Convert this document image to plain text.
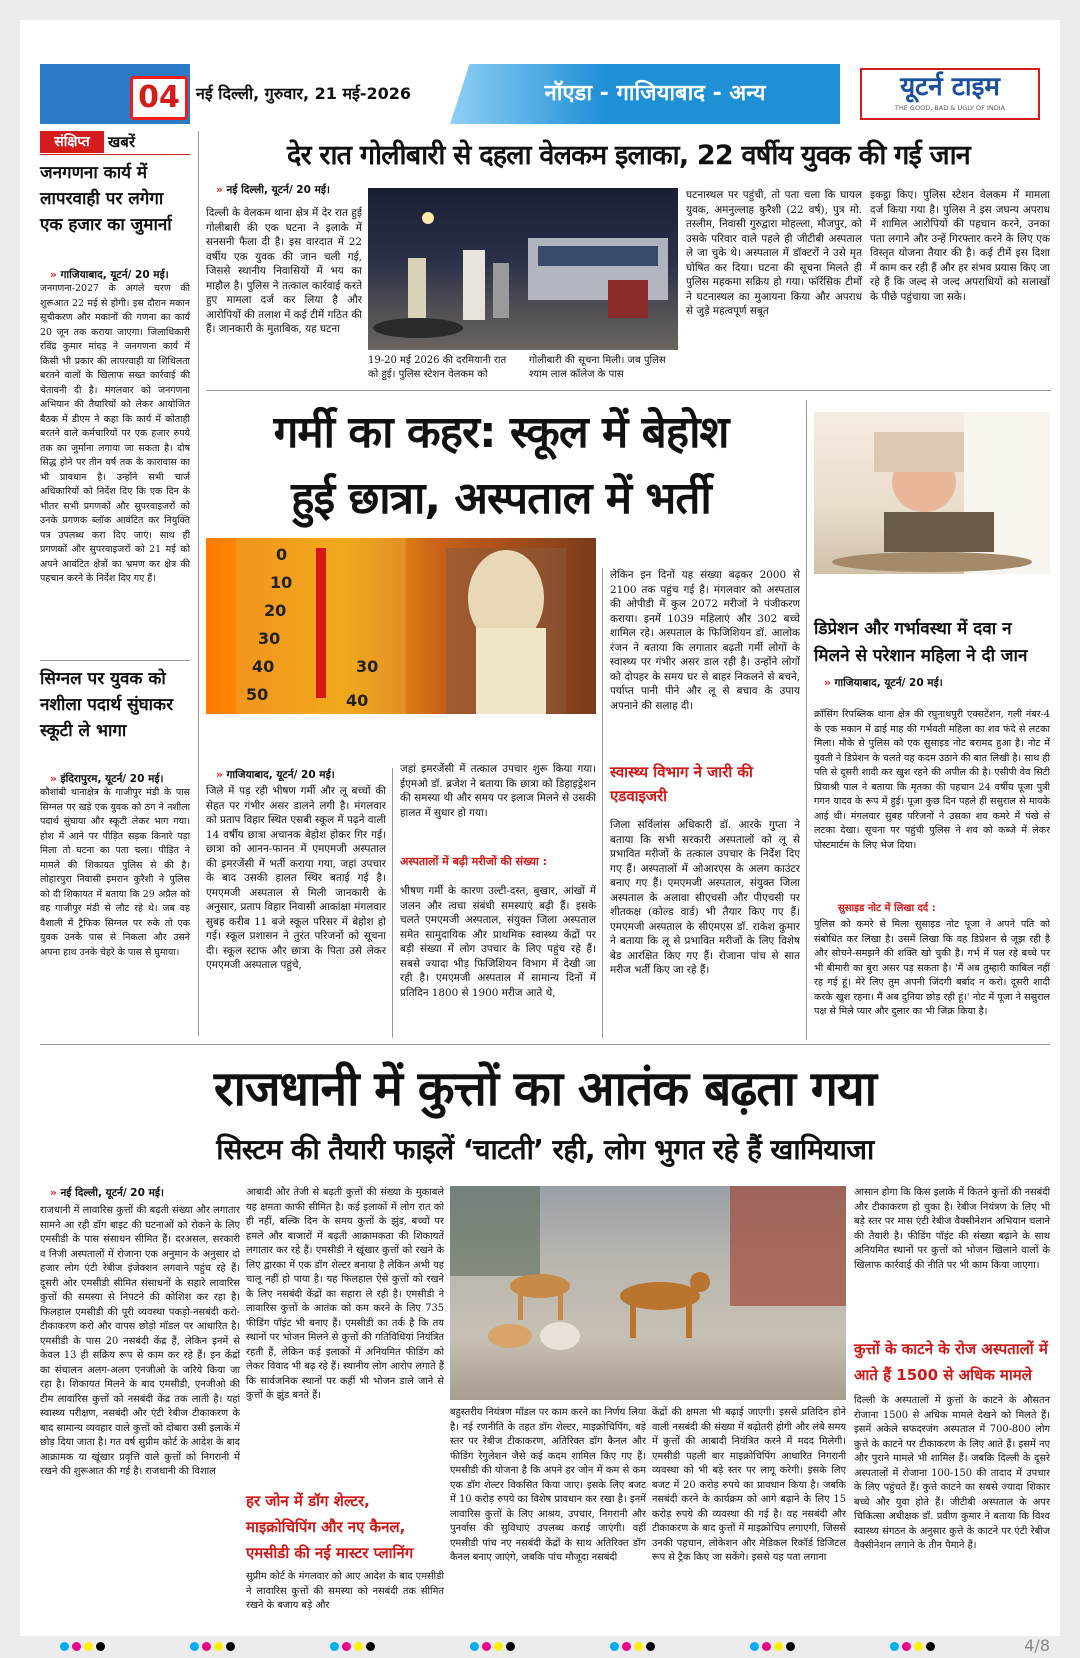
04	नई दिल्ली, गुरुवार, 21 मई-2026	नॉएडा - गाजियाबाद - अन्य	यूटर्न टाइम
THE GOOD, BAD & UGLY OF INDIA
संक्षिप्त	खबरें
जनगणना कार्य में लापरवाही पर लगेगा एक हजार का जुमार्ना
» गाजियाबाद, यूटर्न/ 20 मई।
जनगणना-2027 के अगले चरण की शुरूआत 22 मई से होगी। इस दौरान मकान सूचीकरण और मकानों की गणना का कार्य 20 जून तक कराया जाएगा। जिलाधिकारी रविंद्र कुमार मांदड़ ने जनगणना कार्य में किसी भी प्रकार की लापरवाही या शिथिलता बरतने वालों के खिलाफ सख्त कार्रवाई की चेतावनी दी है। मंगलवार को जनगणना अभियान की तैयारियों को लेकर आयोजित बैठक में डीएम ने कहा कि कार्य में कोताही बरतने वाले कर्मचारियों पर एक हजार रुपये तक का जुर्माना लगाया जा सकता है। दोष सिद्ध होने पर तीन वर्ष तक के कारावास का भी प्रावधान है। उन्होंने सभी चार्ज अधिकारियों को निर्देश दिए कि एक दिन के भीतर सभी प्रगणकों और सुपरवाइजरों को उनके प्रगणक ब्लॉक आवंटित कर नियुक्ति पत्र उपलब्ध करा दिए जाएं। साथ ही प्रगणकों और सुपरवाइजरों को 21 मई को अपने आवंटित क्षेत्रों का भ्रमण कर क्षेत्र की पहचान करने के निर्देश दिए गए हैं।
सिग्नल पर युवक को नशीला पदार्थ सुंघाकर स्कूटी ले भागा
» इंदिरापुरम, यूटर्न/ 20 मई।
कौशांबी थानाक्षेत्र के गाजीपुर मंडी के पास सिग्नल पर खड़े एक युवक को ठग ने नशीला पदार्थ सुंघाया और स्कूटी लेकर भाग गया। होश में आने पर पीड़ित सड़क किनारे पड़ा मिला तो घटना का पता चला। पीड़ित ने मामले की शिकायत पुलिस से की है। लोहारपुरा निवासी इमरान कुरैशी ने पुलिस को दी शिकायत में बताया कि 29 अप्रैल को वह गाजीपुर मंडी से लौट रहे थे। जब वह वैशाली में ट्रैफिक सिग्नल पर रुके तो एक युवक उनके पास से निकला और उसने अपना हाथ उनके चेहरे के पास से घुमाया।
देर रात गोलीबारी से दहला वेलकम इलाका, 22 वर्षीय युवक की गई जान
» नई दिल्ली, यूटर्न/ 20 मई।
दिल्ली के वेलकम थाना क्षेत्र में देर रात हुई गोलीबारी की एक घटना ने इलाके में सनसनी फैला दी है। इस वारदात में 22 वर्षीय एक युवक की जान चली गई, जिससे स्थानीय निवासियों में भय का माहौल है। पुलिस ने तत्काल कार्रवाई करते हुए मामला दर्ज कर लिया है और आरोपियों की तलाश में कई टीमें गठित की हैं। जानकारी के मुताबिक, यह घटना
19-20 मई 2026 की दरमियानी रात को हुई। पुलिस स्टेशन वेलकम को गोलीबारी की सूचना मिली। जब पुलिस श्याम लाल कॉलेज के पास
घटनास्थल पर पहुंची, तो पता चला कि घायल युवक, अमनुल्लाह कुरैशी (22 वर्ष), पुत्र मो. तस्लीम, निवासी गुरुद्वारा मोहल्ला, मौजपुर, को उसके परिवार वाले पहले ही जीटीबी अस्पताल ले जा चुके थे। अस्पताल में डॉक्टरों ने उसे मृत घोषित कर दिया। घटना की सूचना मिलते ही पुलिस महकमा सक्रिय हो गया। फॉरेंसिक टीमों ने घटनास्थल का मुआयना किया और अपराध से जुड़े महत्वपूर्ण सबूत
इकट्ठा किए। पुलिस स्टेशन वेलकम में मामला दर्ज किया गया है। पुलिस ने इस जघन्य अपराध में शामिल आरोपियों की पहचान करने, उनका पता लगाने और उन्हें गिरफ्तार करने के लिए एक विस्तृत योजना तैयार की है। कई टीमें इस दिशा में काम कर रही हैं और हर संभव प्रयास किए जा रहे हैं कि जल्द से जल्द अपराधियों को सलाखों के पीछे पहुंचाया जा सके।
गर्मी का कहर: स्कूल में बेहोश
हुई छात्रा, अस्पताल में भर्ती
0
10
20
30
40
50
30
40
» गाजियाबाद, यूटर्न/ 20 मई।
जिले में पड़ रही भीषण गर्मी और लू बच्चों की सेहत पर गंभीर असर डालने लगी है। मंगलवार को प्रताप विहार स्थित एसबी स्कूल में पढ़ने वाली 14 वर्षीय छात्रा अचानक बेहोश होकर गिर गई। छात्रा को आनन-फानन में एमएमजी अस्पताल की इमरजेंसी में भर्ती कराया गया, जहां उपचार के बाद उसकी हालत स्थिर बताई गई है। एमएमजी अस्पताल से मिली जानकारी के अनुसार, प्रताप विहार निवासी आकांक्षा मंगलवार सुबह करीब 11 बजे स्कूल परिसर में बेहोश हो गई। स्कूल प्रशासन ने तुरंत परिजनों को सूचना दी। स्कूल स्टाफ और छात्रा के पिता उसे लेकर एमएमजी अस्पताल पहुंचे,
जहां इमरजेंसी में तत्काल उपचार शुरू किया गया। ईएमओ डॉ. ब्रजेश ने बताया कि छात्रा को डिहाइड्रेशन की समस्या थी और समय पर इलाज मिलने से उसकी हालत में सुधार हो गया।
अस्पतालों में बढ़ी मरीजों की संख्या :
भीषण गर्मी के कारण उल्टी-दस्त, बुखार, आंखों में जलन और त्वचा संबंधी समस्याएं बढ़ी हैं। इसके चलते एमएमजी अस्पताल, संयुक्त जिला अस्पताल समेत सामुदायिक और प्राथमिक स्वास्थ्य केंद्रों पर बड़ी संख्या में लोग उपचार के लिए पहुंच रहे हैं। सबसे ज्यादा भीड़ फिजिशियन विभाग में देखी जा रही है। एमएमजी अस्पताल में सामान्य दिनों में प्रतिदिन 1800 से 1900 मरीज आते थे,
लेकिन इन दिनों यह संख्या बढ़कर 2000 से 2100 तक पहुंच गई है। मंगलवार को अस्पताल की ओपीडी में कुल 2072 मरीजों ने पंजीकरण कराया। इनमें 1039 महिलाएं और 302 बच्चे शामिल रहे। अस्पताल के फिजिशियन डॉ. आलोक रंजन ने बताया कि लगातार बढ़ती गर्मी लोगों के स्वास्थ्य पर गंभीर असर डाल रही है। उन्होंने लोगों को दोपहर के समय घर से बाहर निकलने से बचने, पर्याप्त पानी पीने और लू से बचाव के उपाय अपनाने की सलाह दी।
स्वास्थ्य विभाग ने जारी की एडवाइजरी
जिला सर्विलांस अधिकारी डॉ. आरके गुप्ता ने बताया कि सभी सरकारी अस्पतालों को लू से प्रभावित मरीजों के तत्काल उपचार के निर्देश दिए गए हैं। अस्पतालों में ओआरएस के अलग काउंटर बनाए गए हैं। एमएमजी अस्पताल, संयुक्त जिला अस्पताल के अलावा सीएचसी और पीएचसी पर शीतकक्ष (कोल्ड वार्ड) भी तैयार किए गए हैं। एमएमजी अस्पताल के सीएमएस डॉ. राकेश कुमार ने बताया कि लू से प्रभावित मरीजों के लिए विशेष बेड आरक्षित किए गए हैं। रोजाना पांच से सात मरीज भर्ती किए जा रहे हैं।
डिप्रेशन और गर्भावस्था में दवा न मिलने से परेशान महिला ने दी जान
» गाजियाबाद, यूटर्न/ 20 मई।
क्रॉसिंग रिपब्लिक थाना क्षेत्र की रघुनाथपुरी एक्सटेंशन, गली नंबर-4 के एक मकान में ढाई माह की गर्भवती महिला का शव फंदे से लटका मिला। मौके से पुलिस को एक सुसाइड नोट बरामद हुआ है। नोट में युवती ने डिप्रेशन के चलते यह कदम उठाने की बात लिखी है। साथ ही पति से दूसरी शादी कर खुश रहने की अपील की है। एसीपी वेव सिटी प्रियाश्री पाल ने बताया कि मृतका की पहचान 24 वर्षीय पूजा पुत्री गगन यादव के रूप में हुई। पूजा कुछ दिन पहले ही ससुराल से मायके आई थी। मंगलवार सुबह परिजनों ने उसका शव कमरे में पंखे से लटका देखा। सूचना पर पहुंची पुलिस ने शव को कब्जे में लेकर पोस्टमार्टम के लिए भेज दिया।
सुसाइड नोट में लिखा दर्द :
पुलिस को कमरे से मिला सुसाइड नोट पूजा ने अपने पति को संबोधित कर लिखा है। उसमें लिखा कि वह डिप्रेशन से जूझ रही है और सोचने-समझने की शक्ति खो चुकी है। गर्भ में पल रहे बच्चे पर भी बीमारी का बुरा असर पड़ सकता है। 'मैं अब तुम्हारी काबिल नहीं रह गई हूं। मेरे लिए तुम अपनी जिंदगी बर्बाद न करो। दूसरी शादी करके खुश रहना। मैं अब दुनिया छोड़ रही हूं।' नोट में पूजा ने ससुराल पक्ष से मिले प्यार और दुलार का भी जिक्र किया है।
राजधानी में कुत्तों का आतंक बढ़ता गया
सिस्टम की तैयारी फाइलें ‘चाटती’ रही, लोग भुगत रहे हैं खामियाजा
» नई दिल्ली, यूटर्न/ 20 मई।
राजधानी में लावारिस कुत्तों की बढ़ती संख्या और लगातार सामने आ रही डॉग बाइट की घटनाओं को रोकने के लिए एमसीडी के पास संसाधन सीमित हैं। दरअसल, सरकारी व निजी अस्पतालों में रोजाना एक अनुमान के अनुसार दो हजार लोग एंटी रेबीज इंजेक्शन लगवाने पहुंच रहे हैं। दूसरी ओर एमसीडी सीमित संसाधनों के सहारे लावारिस कुत्तों की समस्या से निपटने की कोशिश कर रहा है। फिलहाल एमसीडी की पूरी व्यवस्था पकड़ो-नसबंदी करो-टीकाकरण करो और वापस छोड़ो मॉडल पर आधारित है। एमसीडी के पास 20 नसबंदी केंद्र हैं, लेकिन इनमें से केवल 13 ही सक्रिय रूप से काम कर रहे हैं। इन केंद्रों का संचालन अलग-अलग एनजीओ के जरिये किया जा रहा है। शिकायत मिलने के बाद एमसीडी, एनजीओ की टीम लावारिस कुत्तों को नसबंदी केंद्र तक लाती है। यहां स्वास्थ्य परीक्षण, नसबंदी और एंटी रेबीज टीकाकरण के बाद सामान्य व्यवहार वाले कुत्तों को दोबारा उसी इलाके में छोड़ दिया जाता है। गत वर्ष सुप्रीम कोर्ट के आदेश के बाद आक्रामक या खूंखार प्रवृत्ति वाले कुत्तों को निगरानी में रखने की शुरूआत की गई है। राजधानी की विशाल
आबादी और तेजी से बढ़ती कुत्तों की संख्या के मुकाबले यह क्षमता काफी सीमित है। कई इलाकों में लोग रात को ही नहीं, बल्कि दिन के समय कुत्तों के झुंड, बच्चों पर हमले और बाजारों में बढ़ती आक्रामकता की शिकायतें लगातार कर रहे हैं। एमसीडी ने खूंखार कुत्तों को रखने के लिए द्वारका में एक डॉग शेल्टर बनाया है लेकिन अभी यह चालू नहीं हो पाया है। यह फिलहाल ऐसे कुत्तों को रखने के लिए नसबंदी केंद्रों का सहारा ले रही है। एमसीडी ने लावारिस कुत्तों के आतंक को कम करने के लिए 735 फीडिंग पॉइंट भी बनाए हैं। एमसीडी का तर्क है कि तय स्थानों पर भोजन मिलने से कुत्तों की गतिविधियां नियंत्रित रहती हैं, लेकिन कई इलाकों में अनियमित फीडिंग को लेकर विवाद भी बढ़ रहे हैं। स्थानीय लोग आरोप लगाते हैं कि सार्वजनिक स्थानों पर कहीं भी भोजन डाले जाने से कुत्तों के झुंड बनते हैं।
हर जोन में डॉग शेल्टर, माइक्रोचिपिंग और नए कैनल, एमसीडी की नई मास्टर प्लानिंग
सुप्रीम कोर्ट के मंगलवार को आए आदेश के बाद एमसीडी ने लावारिस कुत्तों की समस्या को नसबंदी तक सीमित रखने के बजाय बड़े और
बहुस्तरीय नियंत्रण मॉडल पर काम करने का निर्णय लिया है। नई रणनीति के तहत डॉग शेल्टर, माइक्रोचिपिंग, बड़े स्तर पर रेबीज टीकाकरण, अतिरिक्त डॉग कैनल और फीडिंग रेगुलेशन जैसे कई कदम शामिल किए गए हैं। एमसीडी की योजना है कि अपने हर जोन में कम से कम एक डॉग शेल्टर विकसित किया जाए। इसके लिए बजट में 10 करोड़ रुपये का विशेष प्रावधान कर रखा है। इनमें लावारिस कुत्तों के लिए आश्रय, उपचार, निगरानी और पुनर्वास की सुविधाएं उपलब्ध कराई जाएंगी। वहीं एमसीडी पांच नए नसबंदी केंद्रों के साथ अतिरिक्त डॉग कैनल बनाए जाएंगे, जबकि पांच मौजूदा नसबंदी
केंद्रों की क्षमता भी बढ़ाई जाएगी। इससे प्रतिदिन होने वाली नसबंदी की संख्या में बढ़ोतरी होगी और लंबे समय में कुत्तों की आबादी नियंत्रित करने में मदद मिलेगी। एमसीडी पहली बार माइक्रोचिपिंग आधारित निगरानी व्यवस्था को भी बड़े स्तर पर लागू करेगी। इसके लिए बजट में 20 करोड़ रुपये का प्रावधान किया है। जबकि नसबंदी करने के कार्यक्रम को आगे बढ़ाने के लिए 15 करोड़ रुपये की व्यवस्था की गई है। वह नसबंदी और टीकाकरण के बाद कुत्तों में माइक्रोचिप लगाएगी, जिससे उनकी पहचान, लोकेशन और मेडिकल रिकॉर्ड डिजिटल रूप से ट्रैक किए जा सकेंगे। इससे यह पता लगाना
आसान होगा कि किस इलाके में कितने कुत्तों की नसबंदी और टीकाकरण हो चुका है। रेबीज नियंत्रण के लिए भी बड़े स्तर पर मास एंटी रेबीज वैक्सीनेशन अभियान चलाने की तैयारी है। फीडिंग पॉइंट की संख्या बढ़ाने के साथ अनियमित स्थानों पर कुत्तों को भोजन खिलाने वालों के खिलाफ कार्रवाई की नीति पर भी काम किया जाएगा।
कुत्तों के काटने के रोज अस्पतालों में आते हैं 1500 से अधिक मामले
दिल्ली के अस्पतालों में कुत्तों के काटने के औसतन रोजाना 1500 से अधिक मामले देखने को मिलते हैं। इसमें अकेले सफदरजंग अस्पताल में 700-800 लोग कुत्ते के काटने पर टीकाकरण के लिए आते हैं। इसमें नए और पुराने मामले भी शामिल हैं। जबकि दिल्ली के दूसरे अस्पतालों में रोजाना 100-150 की तादाद में उपचार के लिए पहुंचते हैं। कुत्ते काटने का सबसे ज्यादा शिकार बच्चे और युवा होते हैं। जीटीबी अस्पताल के अपर चिकित्सा अधीक्षक डॉ. प्रवीण कुमार ने बताया कि विश्व स्वास्थ्य संगठन के अनुसार कुत्ते के काटने पर एंटी रेबीज वैक्सीनेशन लगाने के तीन पैमाने हैं।
4/8
